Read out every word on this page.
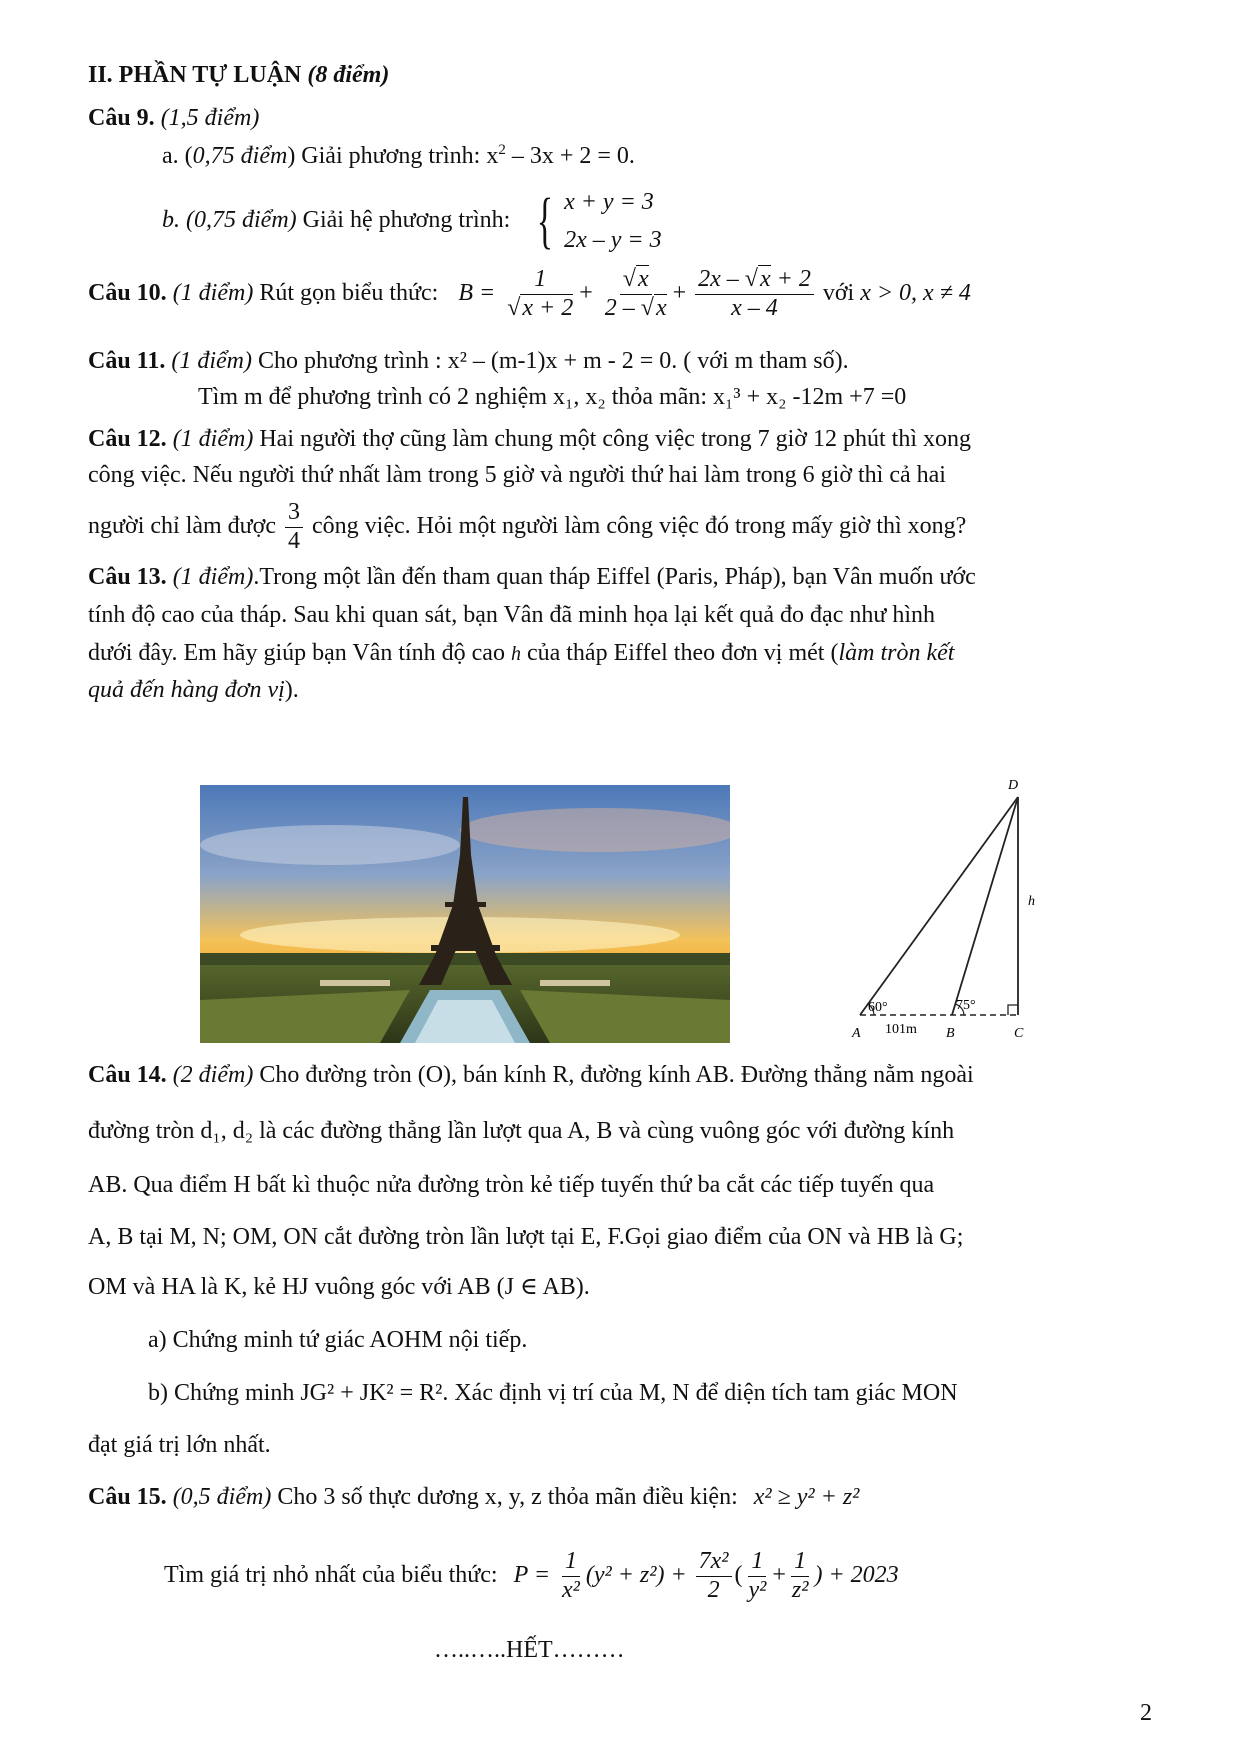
II. PHẦN TỰ LUẬN (8 điểm)
Câu 9. (1,5 điểm)
a. (0,75 điểm) Giải phương trình: $x^2 - 3x + 2 = 0$.
b. (0,75 điểm) Giải hệ phương trình: { x + y = 3
2x – y = 3
Câu 10. (1 điểm) Rút gọn biểu thức: $B = \frac{1}{√x + 2} + \frac{√x}{2 - √x} + \frac{2x - √x + 2}{x - 4}$ với x > 0, x ≠ 4
Câu 11. (1 điểm) Cho phương trình : x² – (m-1)x + m - 2 = 0. ( với m tham số).
Tìm m để phương trình có 2 nghiệm x₁, x₂ thỏa mãn: x₁³ + x₂ -12m +7 =0
Câu 12. (1 điểm) Hai người thợ cũng làm chung một công việc trong 7 giờ 12 phút thì xong
công việc. Nếu người thứ nhất làm trong 5 giờ và người thứ hai làm trong 6 giờ thì cả hai
người chỉ làm được $\frac{3}{4}$ công việc. Hỏi một người làm công việc đó trong mấy giờ thì xong?
Câu 13. (1 điểm).Trong một lần đến tham quan tháp Eiffel (Paris, Pháp), bạn Vân muốn ước
tính độ cao của tháp. Sau khi quan sát, bạn Vân đã minh họa lại kết quả đo đạc như hình
dưới đây. Em hãy giúp bạn Vân tính độ cao h của tháp Eiffel theo đơn vị mét (làm tròn kết
quả đến hàng đơn vị).
Câu 14. (2 điểm) Cho đường tròn (O), bán kính R, đường kính AB. Đường thẳng nằm ngoài
đường tròn d₁, d₂ là các đường thẳng lần lượt qua A, B và cùng vuông góc với đường kính
AB. Qua điểm H bất kì thuộc nửa đường tròn kẻ tiếp tuyến thứ ba cắt các tiếp tuyến qua
A, B tại M, N; OM, ON cắt đường tròn lần lượt tại E, F.Gọi giao điểm của ON và HB là G;
OM và HA là K, kẻ HJ vuông góc với AB (J ∈ AB).
a) Chứng minh tứ giác AOHM nội tiếp.
b) Chứng minh JG² + JK² = R². Xác định vị trí của M, N để diện tích tam giác MON
đạt giá trị lớn nhất.
Câu 15. (0,5 điểm) Cho 3 số thực dương x, y, z thỏa mãn điều kiện: x² ≥ y² + z²
Tìm giá trị nhỏ nhất của biểu thức: $P = \frac{1}{\text{x²}} (y^2 + z^2) + \frac{\text{7x²}}{2}$ ( $\frac{1}{\text{y²}} + \frac{1}{\text{z²}}$ ) + 2023
…..…..HẾT………
D
h
A	B	C
60°	75°
101m
2
